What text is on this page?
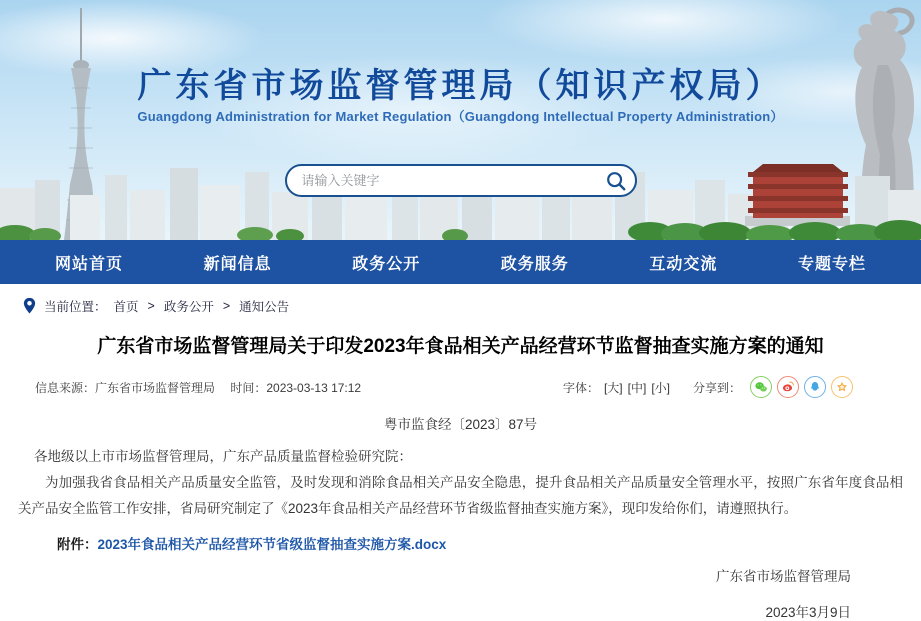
广东省市场监督管理局（知识产权局）
Guangdong Administration for Market Regulation（Guangdong Intellectual Property Administration）
请输入关键字
网站首页	新闻信息	政务公开	政务服务	互动交流	专题专栏
当前位置： 首页 > 政务公开 > 通知公告
广东省市场监督管理局关于印发2023年食品相关产品经营环节监督抽查实施方案的通知
信息来源：广东省市场监督管理局 时间：2023-03-13 17:12	字体： [大] [中] [小] 分享到：
粤市监食经〔2023〕87号

各地级以上市市场监督管理局，广东产品质量监督检验研究院：

为加强我省食品相关产品质量安全监管，及时发现和消除食品相关产品安全隐患，提升食品相关产品质量安全管理水平，按照广东省年度食品相关产品安全监管工作安排，省局研究制定了《2023年食品相关产品经营环节省级监督抽查实施方案》，现印发给你们，请遵照执行。

附件：2023年食品相关产品经营环节省级监督抽查实施方案.docx

广东省市场监督管理局
2023年3月9日
